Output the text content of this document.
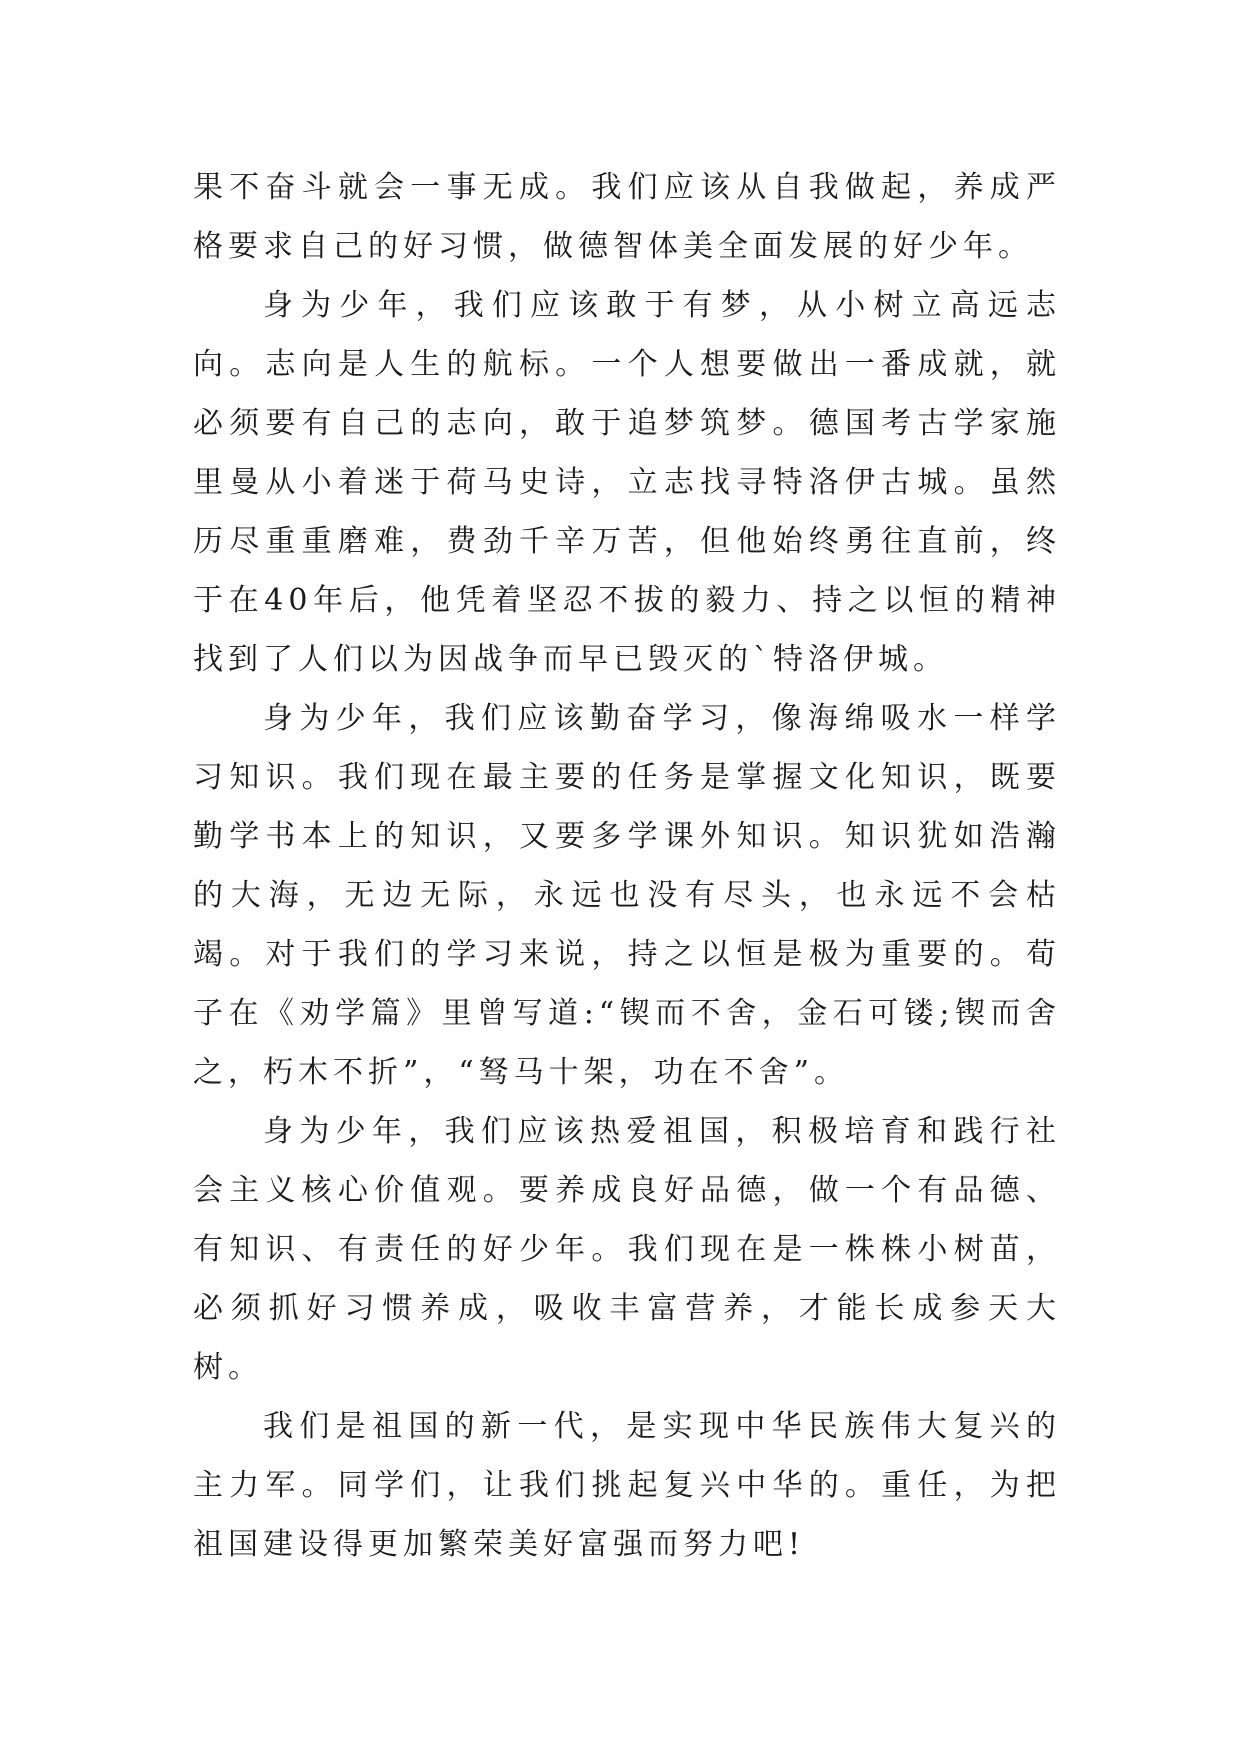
果不奋斗就会一事无成。我们应该从自我做起，养成严格要求自己的好习惯，做德智体美全面发展的好少年。

身为少年，我们应该敢于有梦，从小树立高远志向。志向是人生的航标。一个人想要做出一番成就，就必须要有自己的志向，敢于追梦筑梦。德国考古学家施里曼从小着迷于荷马史诗，立志找寻特洛伊古城。虽然历尽重重磨难，费劲千辛万苦，但他始终勇往直前，终于在40年后，他凭着坚忍不拔的毅力、持之以恒的精神找到了人们以为因战争而早已毁灭的`特洛伊城。

身为少年，我们应该勤奋学习，像海绵吸水一样学习知识。我们现在最主要的任务是掌握文化知识，既要勤学书本上的知识，又要多学课外知识。知识犹如浩瀚的大海，无边无际，永远也没有尽头，也永远不会枯竭。对于我们的学习来说，持之以恒是极为重要的。荀子在《劝学篇》里曾写道:“锲而不舍，金石可镂;锲而舍之，朽木不折”，“驽马十架，功在不舍”。

身为少年，我们应该热爱祖国，积极培育和践行社会主义核心价值观。要养成良好品德，做一个有品德、有知识、有责任的好少年。我们现在是一株株小树苗，必须抓好习惯养成，吸收丰富营养，才能长成参天大树。

我们是祖国的新一代，是实现中华民族伟大复兴的主力军。同学们，让我们挑起复兴中华的。重任，为把祖国建设得更加繁荣美好富强而努力吧!
